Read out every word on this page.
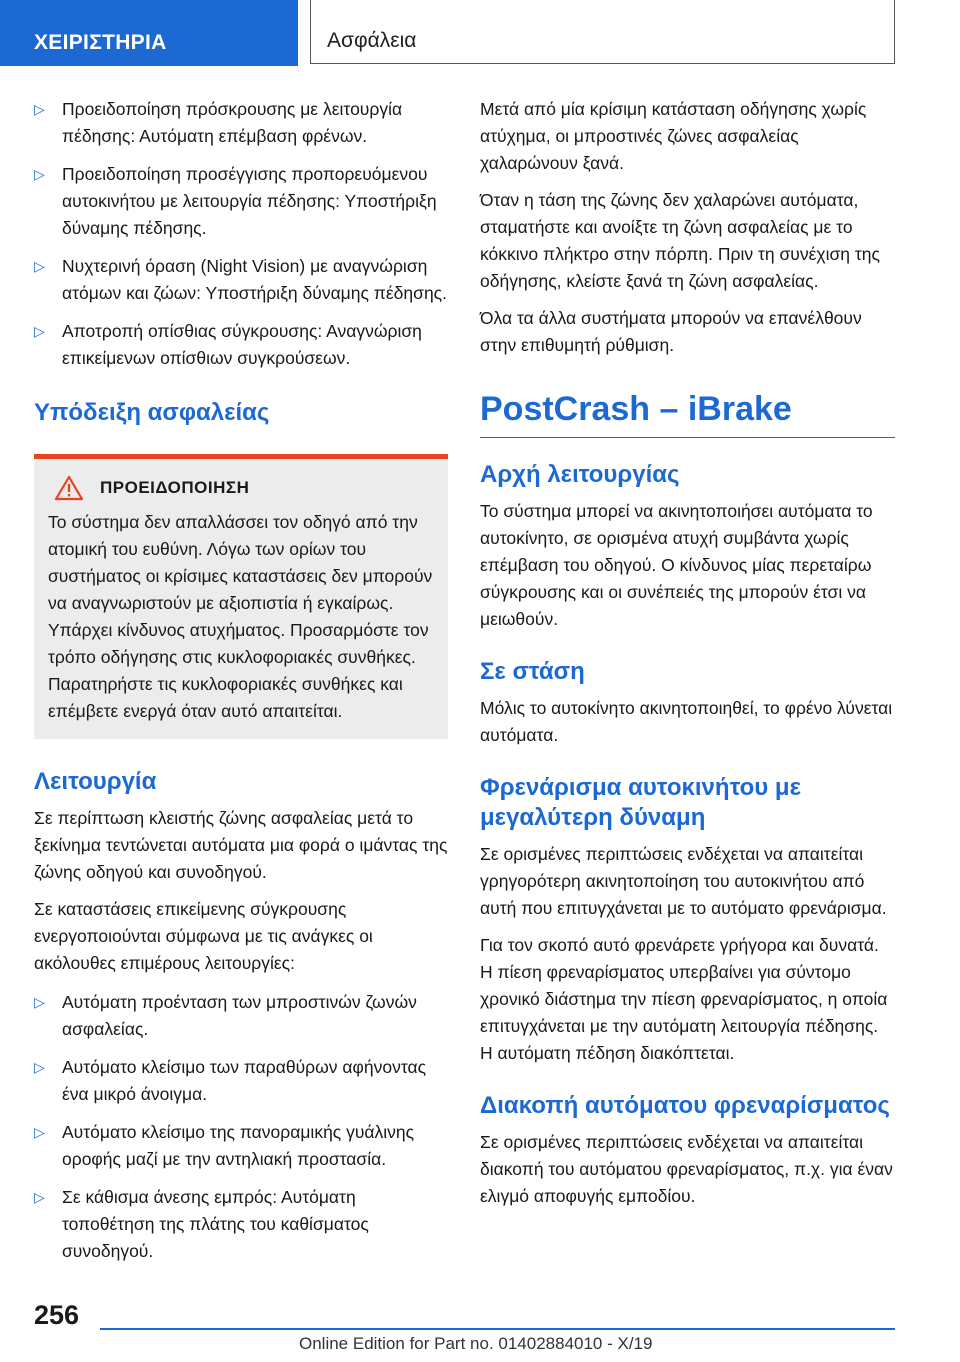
ΧΕΙΡΙΣΤΗΡΙΑ	Ασφάλεια
▷ Προειδοποίηση πρόσκρουσης με λειτουργία πέδησης: Αυτόματη επέμβαση φρένων.
▷ Προειδοποίηση προσέγγισης προπορευόμενου αυτοκινήτου με λειτουργία πέδησης: Υποστήριξη δύναμης πέδησης.
▷ Νυχτερινή όραση (Night Vision) με αναγνώριση ατόμων και ζώων: Υποστήριξη δύναμης πέδησης.
▷ Αποτροπή οπίσθιας σύγκρουσης: Αναγνώριση επικείμενων οπίσθιων συγκρούσεων.
Υπόδειξη ασφαλείας
ΠΡΟΕΙΔΟΠΟΙΗΣΗ

Το σύστημα δεν απαλλάσσει τον οδηγό από την ατομική του ευθύνη. Λόγω των ορίων του συστήματος οι κρίσιμες καταστάσεις δεν μπορούν να αναγνωριστούν με αξιοπιστία ή εγκαίρως. Υπάρχει κίνδυνος ατυχήματος. Προσαρμόστε τον τρόπο οδήγησης στις κυκλοφοριακές συνθήκες. Παρατηρήστε τις κυκλοφοριακές συνθήκες και επέμβετε ενεργά όταν αυτό απαιτείται.

Λειτουργία

Σε περίπτωση κλειστής ζώνης ασφαλείας μετά το ξεκίνημα τεντώνεται αυτόματα μια φορά ο ιμάντας της ζώνης οδηγού και συνοδηγού.

Σε καταστάσεις επικείμενης σύγκρουσης ενεργοποιούνται σύμφωνα με τις ανάγκες οι ακόλουθες επιμέρους λειτουργίες:

▷ Αυτόματη προένταση των μπροστινών ζωνών ασφαλείας.
▷ Αυτόματο κλείσιμο των παραθύρων αφήνοντας ένα μικρό άνοιγμα.
▷ Αυτόματο κλείσιμο της πανοραμικής γυάλινης οροφής μαζί με την αντηλιακή προστασία.
▷ Σε κάθισμα άνεσης εμπρός: Αυτόματη τοποθέτηση της πλάτης του καθίσματος συνοδηγού.

Μετά από μία κρίσιμη κατάσταση οδήγησης χωρίς ατύχημα, οι μπροστινές ζώνες ασφαλείας χαλαρώνουν ξανά.

Όταν η τάση της ζώνης δεν χαλαρώνει αυτόματα, σταματήστε και ανοίξτε τη ζώνη ασφαλείας με το κόκκινο πλήκτρο στην πόρπη. Πριν τη συνέχιση της οδήγησης, κλείστε ξανά τη ζώνη ασφαλείας.

Όλα τα άλλα συστήματα μπορούν να επανέλθουν στην επιθυμητή ρύθμιση.

PostCrash – iBrake
Αρχή λειτουργίας

Το σύστημα μπορεί να ακινητοποιήσει αυτόματα το αυτοκίνητο, σε ορισμένα ατυχή συμβάντα χωρίς επέμβαση του οδηγού. Ο κίνδυνος μίας περεταίρω σύγκρουσης και οι συνέπειές της μπορούν έτσι να μειωθούν.

Σε στάση

Μόλις το αυτοκίνητο ακινητοποιηθεί, το φρένο λύνεται αυτόματα.

Φρενάρισμα αυτοκινήτου με μεγαλύτερη δύναμη

Σε ορισμένες περιπτώσεις ενδέχεται να απαιτείται γρηγορότερη ακινητοποίηση του αυτοκινήτου από αυτή που επιτυγχάνεται με το αυτόματο φρενάρισμα.

Για τον σκοπό αυτό φρενάρετε γρήγορα και δυνατά. Η πίεση φρεναρίσματος υπερβαίνει για σύντομο χρονικό διάστημα την πίεση φρεναρίσματος, η οποία επιτυγχάνεται με την αυτόματη λειτουργία πέδησης. Η αυτόματη πέδηση διακόπτεται.

Διακοπή αυτόματου φρεναρίσματος

Σε ορισμένες περιπτώσεις ενδέχεται να απαιτείται διακοπή του αυτόματου φρεναρίσματος, π.χ. για έναν ελιγμό αποφυγής εμποδίου.

256
Online Edition for Part no. 01402884010 - X/19
